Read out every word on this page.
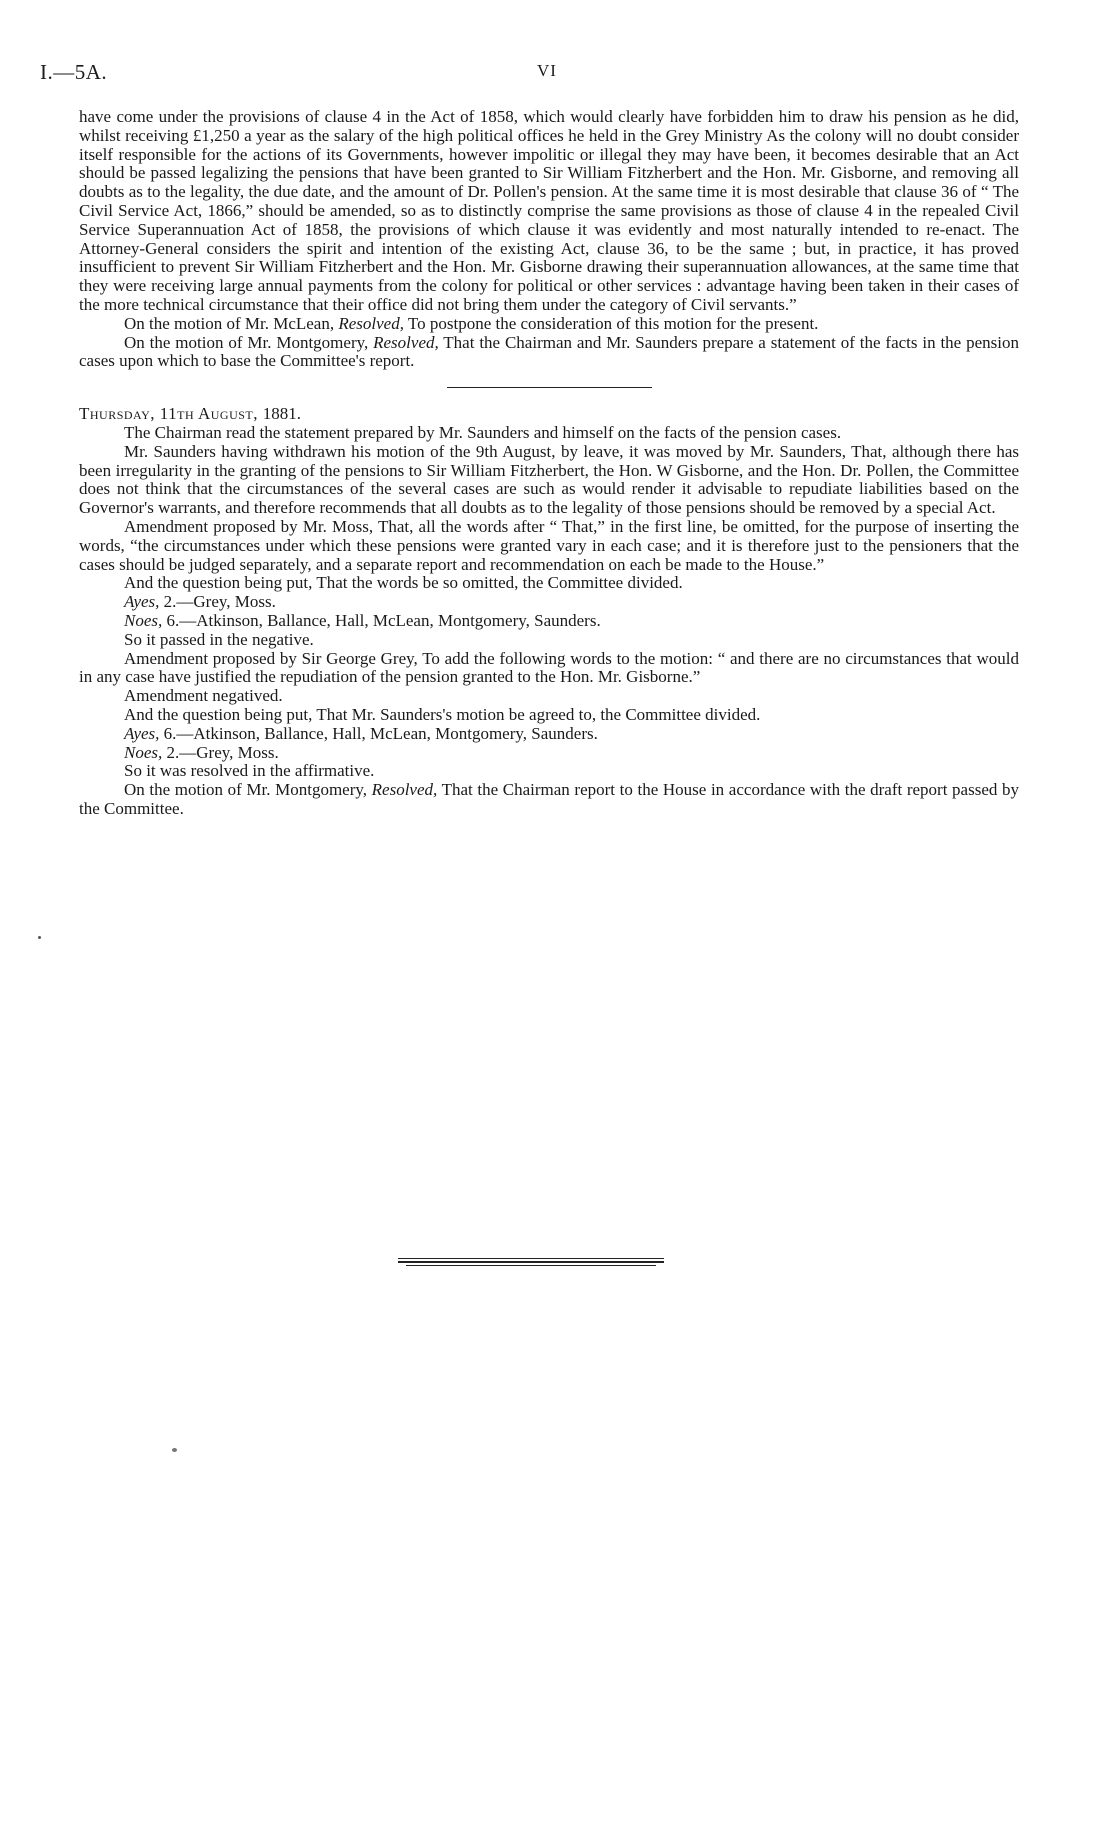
I.—5A.	VI

have come under the provisions of clause 4 in the Act of 1858, which would clearly have forbidden him to draw his pension as he did, whilst receiving £1,250 a year as the salary of the high political offices he held in the Grey Ministry As the colony will no doubt consider itself responsible for the actions of its Governments, however impolitic or illegal they may have been, it becomes desirable that an Act should be passed legalizing the pensions that have been granted to Sir William Fitzherbert and the Hon. Mr. Gisborne, and removing all doubts as to the legality, the due date, and the amount of Dr. Pollen's pension. At the same time it is most desirable that clause 36 of “ The Civil Service Act, 1866,” should be amended, so as to distinctly comprise the same provisions as those of clause 4 in the repealed Civil Service Superannuation Act of 1858, the provisions of which clause it was evidently and most naturally intended to re-enact. The Attorney-General considers the spirit and intention of the existing Act, clause 36, to be the same ; but, in practice, it has proved insufficient to prevent Sir William Fitzherbert and the Hon. Mr. Gisborne drawing their superannuation allowances, at the same time that they were receiving large annual payments from the colony for political or other services : advantage having been taken in their cases of the more technical circumstance that their office did not bring them under the category of Civil servants.”

On the motion of Mr. McLean, Resolved, To postpone the consideration of this motion for the present.

On the motion of Mr. Montgomery, Resolved, That the Chairman and Mr. Saunders prepare a statement of the facts in the pension cases upon which to base the Committee's report.

Thursday, 11th August, 1881.

The Chairman read the statement prepared by Mr. Saunders and himself on the facts of the pension cases.

Mr. Saunders having withdrawn his motion of the 9th August, by leave, it was moved by Mr. Saunders, That, although there has been irregularity in the granting of the pensions to Sir William Fitzherbert, the Hon. W Gisborne, and the Hon. Dr. Pollen, the Committee does not think that the circumstances of the several cases are such as would render it advisable to repudiate liabilities based on the Governor's warrants, and therefore recommends that all doubts as to the legality of those pensions should be removed by a special Act.

Amendment proposed by Mr. Moss, That, all the words after “ That,” in the first line, be omitted, for the purpose of inserting the words, “the circumstances under which these pensions were granted vary in each case; and it is therefore just to the pensioners that the cases should be judged separately, and a separate report and recommendation on each be made to the House.”

And the question being put, That the words be so omitted, the Committee divided.

Ayes, 2.—Grey, Moss.

Noes, 6.—Atkinson, Ballance, Hall, McLean, Montgomery, Saunders.

So it passed in the negative.

Amendment proposed by Sir George Grey, To add the following words to the motion: “ and there are no circumstances that would in any case have justified the repudiation of the pension granted to the Hon. Mr. Gisborne.”

Amendment negatived.

And the question being put, That Mr. Saunders's motion be agreed to, the Committee divided.

Ayes, 6.—Atkinson, Ballance, Hall, McLean, Montgomery, Saunders.

Noes, 2.—Grey, Moss.

So it was resolved in the affirmative.

On the motion of Mr. Montgomery, Resolved, That the Chairman report to the House in accordance with the draft report passed by the Committee.
